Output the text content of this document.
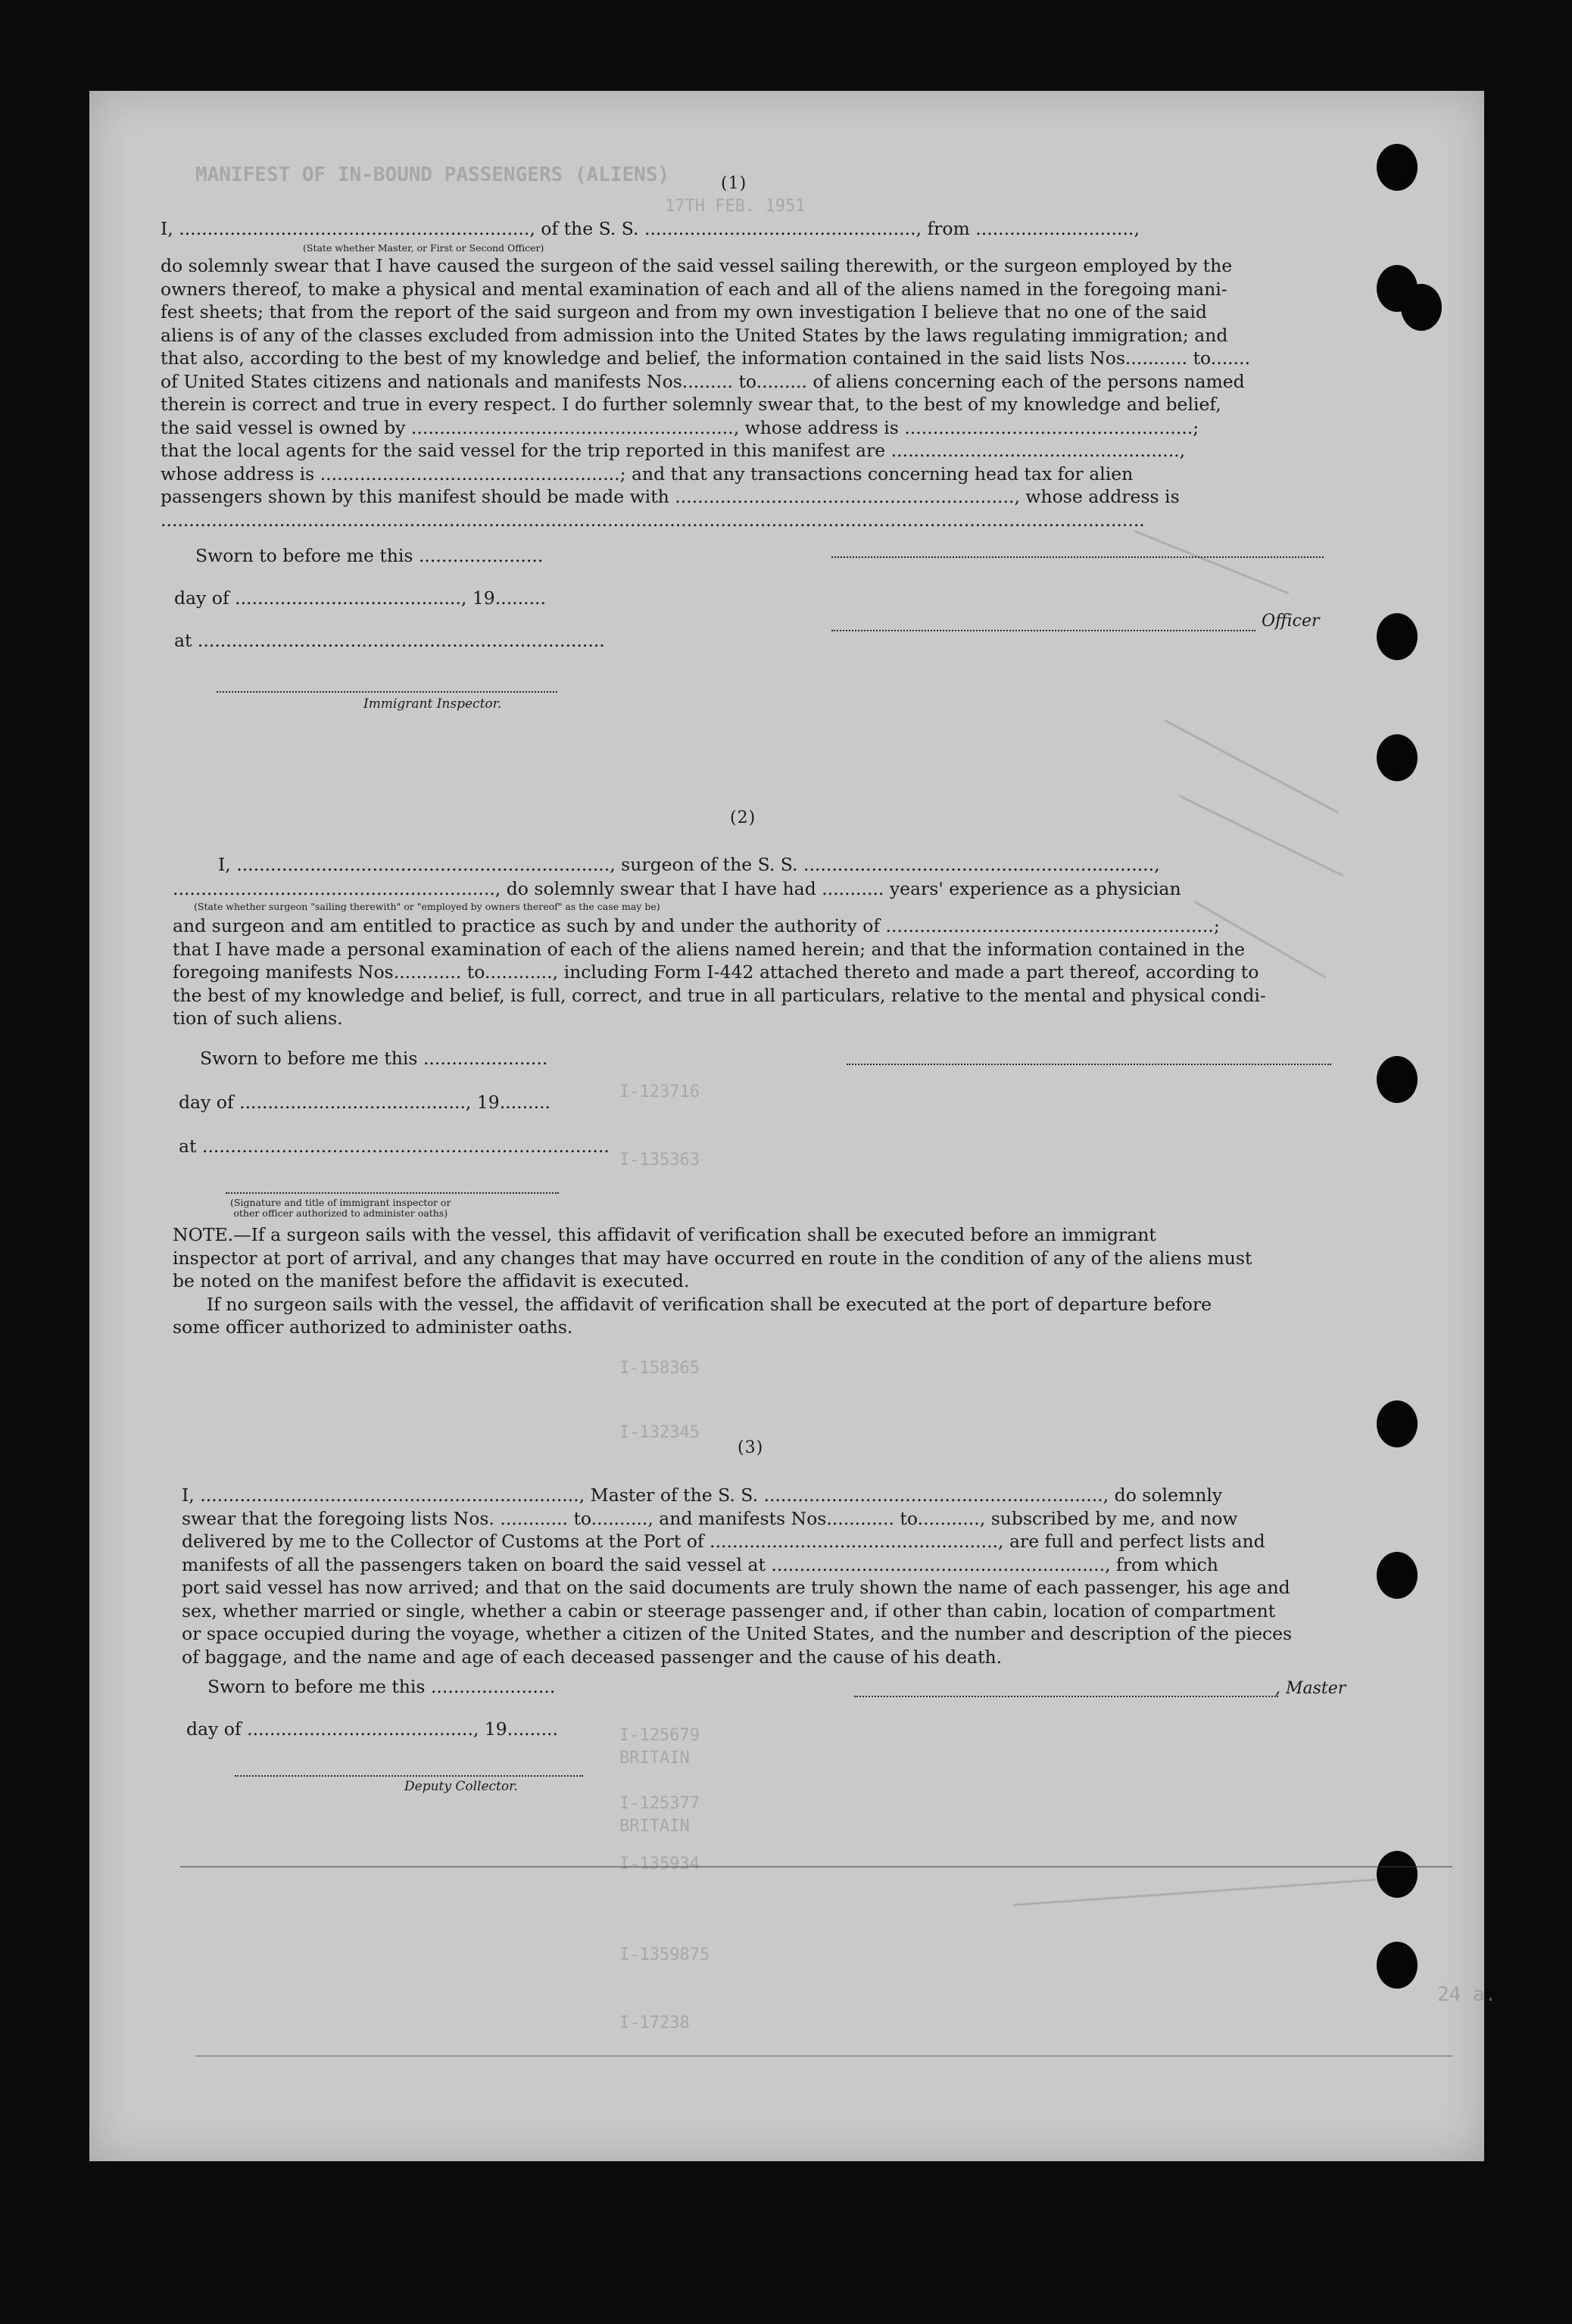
MANIFEST OF IN-BOUND PASSENGERS (ALIENS)
17TH FEB. 1951
I-123716
I-135363
I-158365
I-132345
I-125679
BRITAIN
I-125377
BRITAIN
I-135934
I-1359875
I-17238
24 a.
(1)
I, .............................................................., of the S. S. ................................................, from ............................,
(State whether Master, or First or Second Officer)
do solemnly swear that I have caused the surgeon of the said vessel sailing therewith, or the surgeon employed by the
owners thereof, to make a physical and mental examination of each and all of the aliens named in the foregoing mani-
fest sheets; that from the report of the said surgeon and from my own investigation I believe that no one of the said
aliens is of any of the classes excluded from admission into the United States by the laws regulating immigration; and
that also, according to the best of my knowledge and belief, the information contained in the said lists Nos........... to.......
of United States citizens and nationals and manifests Nos......... to......... of aliens concerning each of the persons named
therein is correct and true in every respect. I do further solemnly swear that, to the best of my knowledge and belief,
the said vessel is owned by ........................................................., whose address is ...................................................;
that the local agents for the said vessel for the trip reported in this manifest are ...................................................,
whose address is .....................................................; and that any transactions concerning head tax for alien
passengers shown by this manifest should be made with ............................................................, whose address is
..............................................................................................................................................................................
Sworn to before me this ......................
day of ........................................, 19.........
at ........................................................................
Immigrant Inspector.
Officer
(2)
I, .................................................................., surgeon of the S. S. ..............................................................,
........................................................., do solemnly swear that I have had ........... years' experience as a physician
(State whether surgeon "sailing therewith" or "employed by owners thereof" as the case may be)
and surgeon and am entitled to practice as such by and under the authority of ..........................................................;
that I have made a personal examination of each of the aliens named herein; and that the information contained in the
foregoing manifests Nos............ to............, including Form I-442 attached thereto and made a part thereof, according to
the best of my knowledge and belief, is full, correct, and true in all particulars, relative to the mental and physical condi-
tion of such aliens.
Sworn to before me this ......................
day of ........................................, 19.........
at ........................................................................
(Signature and title of immigrant inspector or
other officer authorized to administer oaths)
NOTE.—If a surgeon sails with the vessel, this affidavit of verification shall be executed before an immigrant
inspector at port of arrival, and any changes that may have occurred en route in the condition of any of the aliens must
be noted on the manifest before the affidavit is executed.
If no surgeon sails with the vessel, the affidavit of verification shall be executed at the port of departure before
some officer authorized to administer oaths.
(3)
I, ..................................................................., Master of the S. S. ............................................................, do solemnly
swear that the foregoing lists Nos. ............ to.........., and manifests Nos............ to..........., subscribed by me, and now
delivered by me to the Collector of Customs at the Port of ..................................................., are full and perfect lists and
manifests of all the passengers taken on board the said vessel at ..........................................................., from which
port said vessel has now arrived; and that on the said documents are truly shown the name of each passenger, his age and
sex, whether married or single, whether a cabin or steerage passenger and, if other than cabin, location of compartment
or space occupied during the voyage, whether a citizen of the United States, and the number and description of the pieces
of baggage, and the name and age of each deceased passenger and the cause of his death.
Sworn to before me this ......................
day of ........................................, 19.........
Deputy Collector.
, Master
